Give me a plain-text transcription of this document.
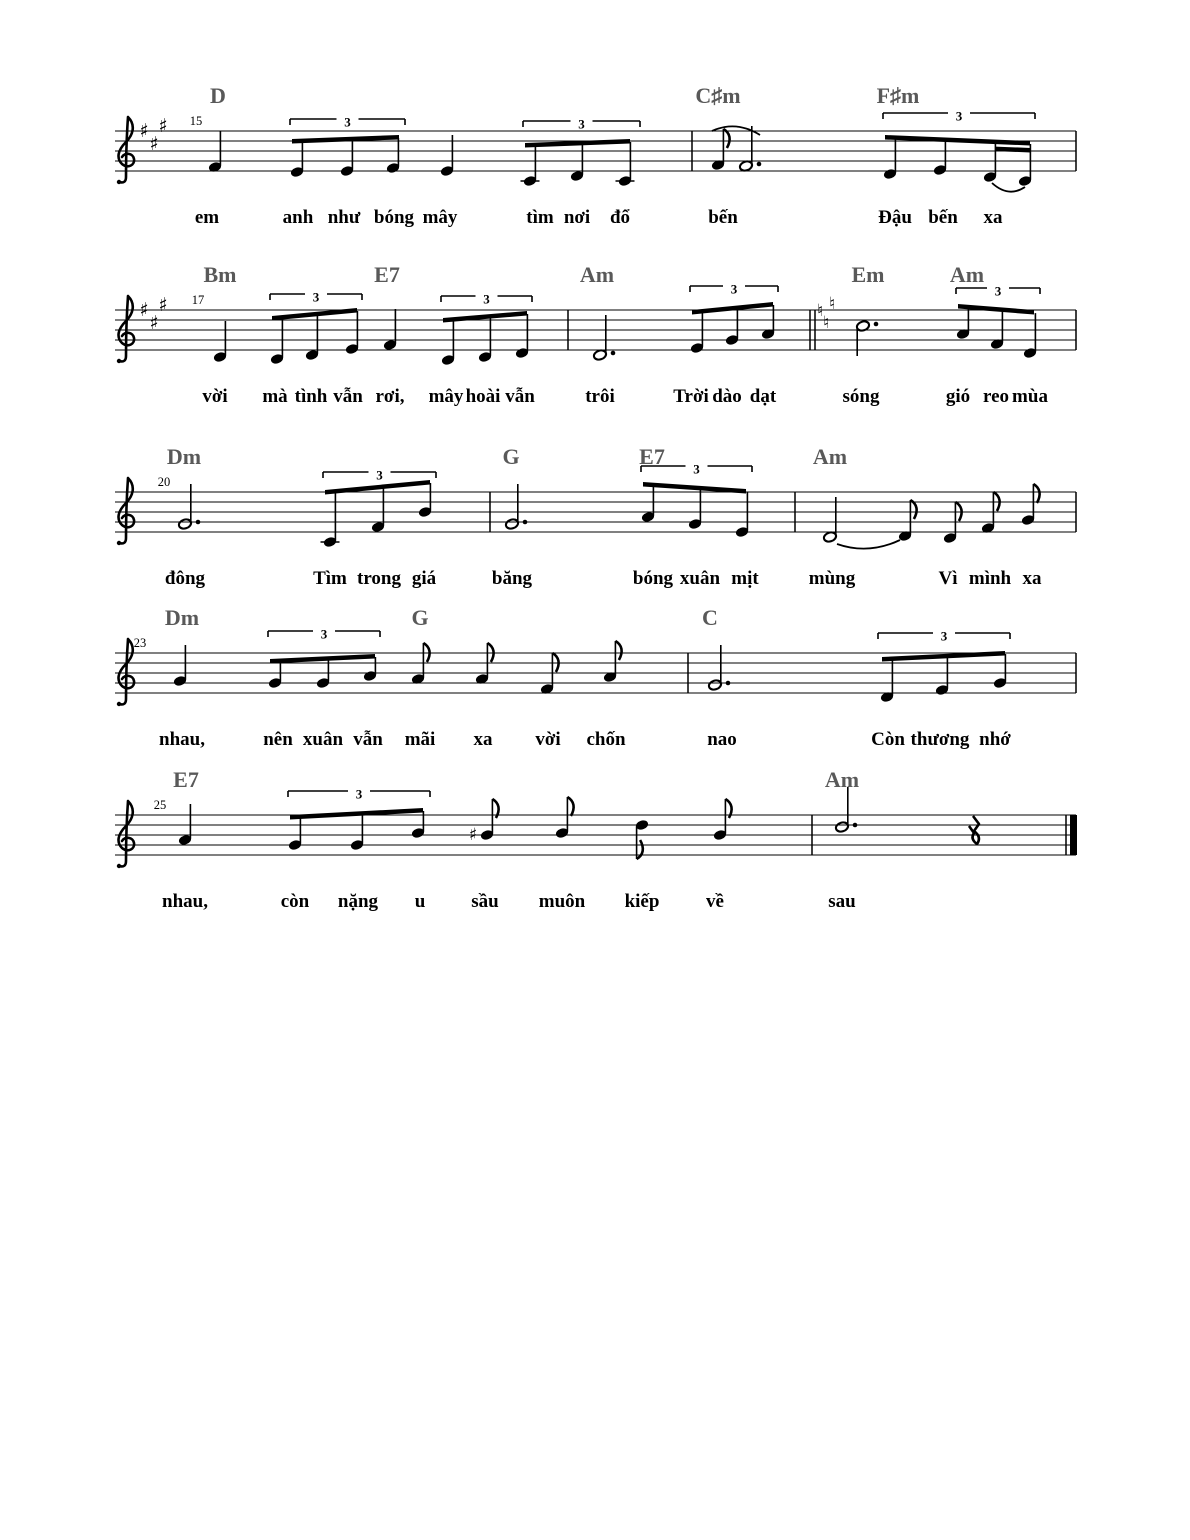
♯
♯
♯ 15
D	C♯m	F♯m
em	anh như bóng mây	tìm nơi đổ	bến	Đậu bến xa
3	3
3
♯
♯
♯ 17
Bm	E7	Am	Em	Am
vời mà tình vẫn rơi, mây hoài vẫn	trôi	Trời dào dạt	sóng	gió reo mùa
3	3
3
♮ ♮
♮
3
20
Dm	G	E7	Am
đông	Tìm trong giá	băng	bóng xuân mịt	mùng	Vì mình xa
3	3
23
Dm	G	C
nhau,	nên xuân vẫn mãi xa vời chốn	nao	Còn thương nhớ
3	3
25
E7	Am
nhau,	còn nặng u sầu muôn kiếp về	sau
3
♯
